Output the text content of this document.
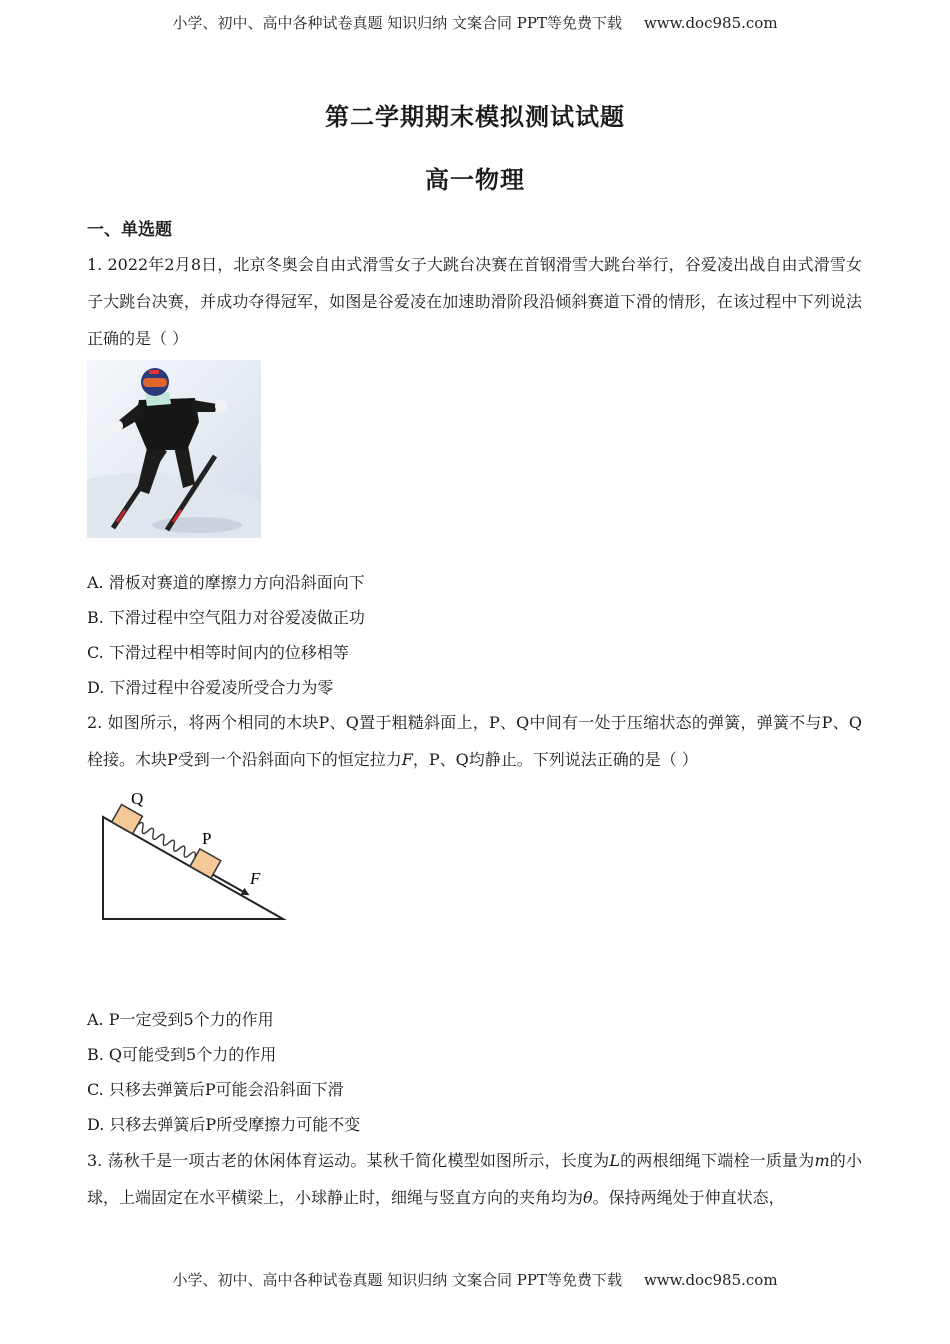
小学、初中、高中各种试卷真题 知识归纳 文案合同 PPT等免费下载 www.doc985.com
第二学期期末模拟测试试题
高一物理
一、单选题
1. 2022年2月8日，北京冬奥会自由式滑雪女子大跳台决赛在首钢滑雪大跳台举行，谷爱凌出战自由式滑雪女子大跳台决赛，并成功夺得冠军，如图是谷爱凌在加速助滑阶段沿倾斜赛道下滑的情形，在该过程中下列说法正确的是（ ）
A. 滑板对赛道的摩擦力方向沿斜面向下
B. 下滑过程中空气阻力对谷爱凌做正功
C. 下滑过程中相等时间内的位移相等
D. 下滑过程中谷爱凌所受合力为零
2. 如图所示，将两个相同的木块P、Q置于粗糙斜面上，P、Q中间有一处于压缩状态的弹簧，弹簧不与P、Q栓接。木块P受到一个沿斜面向下的恒定拉力F，P、Q均静止。下列说法正确的是（ ）
Q
P
F
A. P一定受到5个力的作用
B. Q可能受到5个力的作用
C. 只移去弹簧后P可能会沿斜面下滑
D. 只移去弹簧后P所受摩擦力可能不变
3. 荡秋千是一项古老的休闲体育运动。某秋千简化模型如图所示，长度为L的两根细绳下端栓一质量为m的小球，上端固定在水平横梁上，小球静止时，细绳与竖直方向的夹角均为θ。保持两绳处于伸直状态，
小学、初中、高中各种试卷真题 知识归纳 文案合同 PPT等免费下载 www.doc985.com
